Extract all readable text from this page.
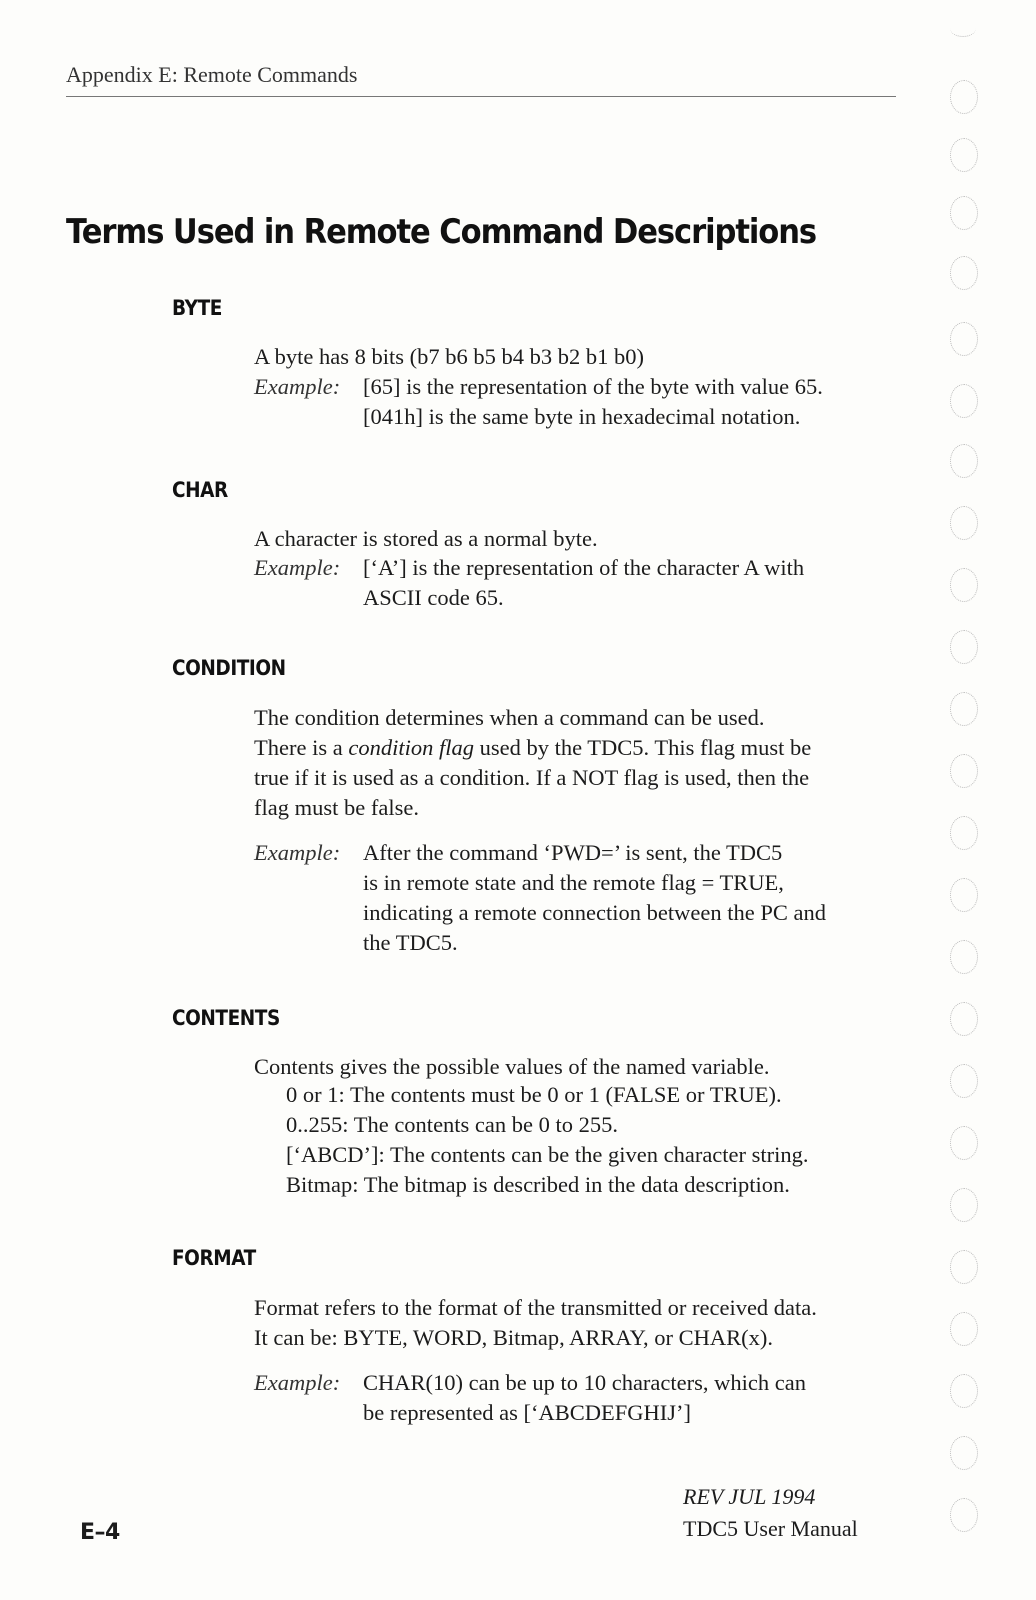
Appendix E: Remote Commands
Terms Used in Remote Command Descriptions
BYTE
A byte has 8 bits (b7 b6 b5 b4 b3 b2 b1 b0)
Example: [65] is the representation of the byte with value 65.
[041h] is the same byte in hexadecimal notation.
CHAR
A character is stored as a normal byte.
Example: [‘A’] is the representation of the character A with
ASCII code 65.
CONDITION
The condition determines when a command can be used.
There is a condition flag used by the TDC5. This flag must be
true if it is used as a condition. If a NOT flag is used, then the
flag must be false.
Example: After the command ‘PWD=’ is sent, the TDC5
is in remote state and the remote flag = TRUE,
indicating a remote connection between the PC and
the TDC5.
CONTENTS
Contents gives the possible values of the named variable.
0 or 1: The contents must be 0 or 1 (FALSE or TRUE).
0..255: The contents can be 0 to 255.
[‘ABCD’]: The contents can be the given character string.
Bitmap: The bitmap is described in the data description.
FORMAT
Format refers to the format of the transmitted or received data.
It can be: BYTE, WORD, Bitmap, ARRAY, or CHAR(x).
Example: CHAR(10) can be up to 10 characters, which can
be represented as [‘ABCDEFGHIJ’]
E–4
REV JUL 1994
TDC5 User Manual
